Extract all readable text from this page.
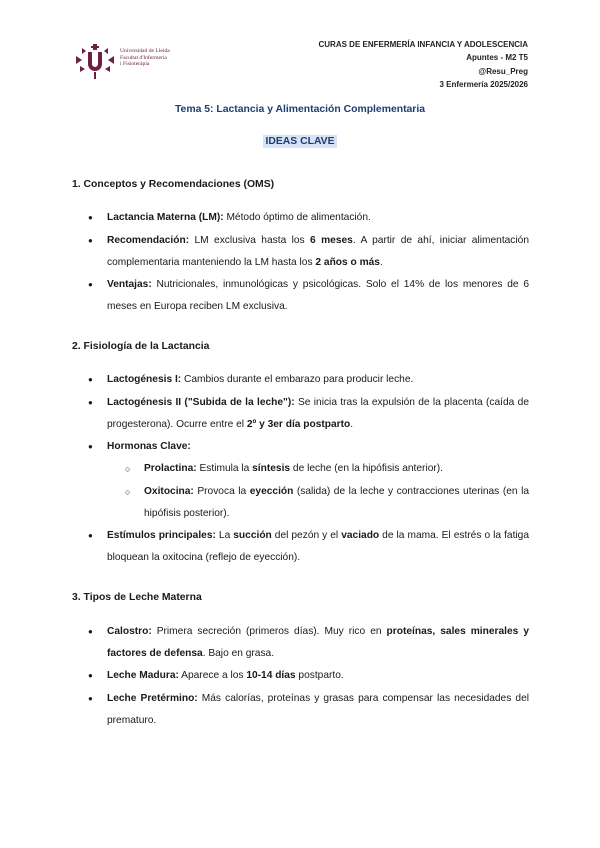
Universidad de Lleida
Facultat d'Infermeria
i Fisioteràpia
CURAS DE ENFERMERÍA INFANCIA Y ADOLESCENCIA
Apuntes - M2 T5
@Resu_Preg
3 Enfermería 2025/2026
Tema 5: Lactancia y Alimentación Complementaria
IDEAS CLAVE
1. Conceptos y Recomendaciones (OMS)
● Lactancia Materna (LM): Método óptimo de alimentación.
● Recomendación: LM exclusiva hasta los 6 meses. A partir de ahí, iniciar alimentación complementaria manteniendo la LM hasta los 2 años o más.
● Ventajas: Nutricionales, inmunológicas y psicológicas. Solo el 14% de los menores de 6 meses en Europa reciben LM exclusiva.
2. Fisiología de la Lactancia
● Lactogénesis I: Cambios durante el embarazo para producir leche.
● Lactogénesis II ("Subida de la leche"): Se inicia tras la expulsión de la placenta (caída de progesterona). Ocurre entre el 2º y 3er día postparto.
● Hormonas Clave:
○ Prolactina: Estimula la síntesis de leche (en la hipófisis anterior).
○ Oxitocina: Provoca la eyección (salida) de la leche y contracciones uterinas (en la hipófisis posterior).
● Estímulos principales: La succión del pezón y el vaciado de la mama. El estrés o la fatiga bloquean la oxitocina (reflejo de eyección).
3. Tipos de Leche Materna
● Calostro: Primera secreción (primeros días). Muy rico en proteínas, sales minerales y factores de defensa. Bajo en grasa.
● Leche Madura: Aparece a los 10-14 días postparto.
● Leche Pretérmino: Más calorías, proteínas y grasas para compensar las necesidades del prematuro.
